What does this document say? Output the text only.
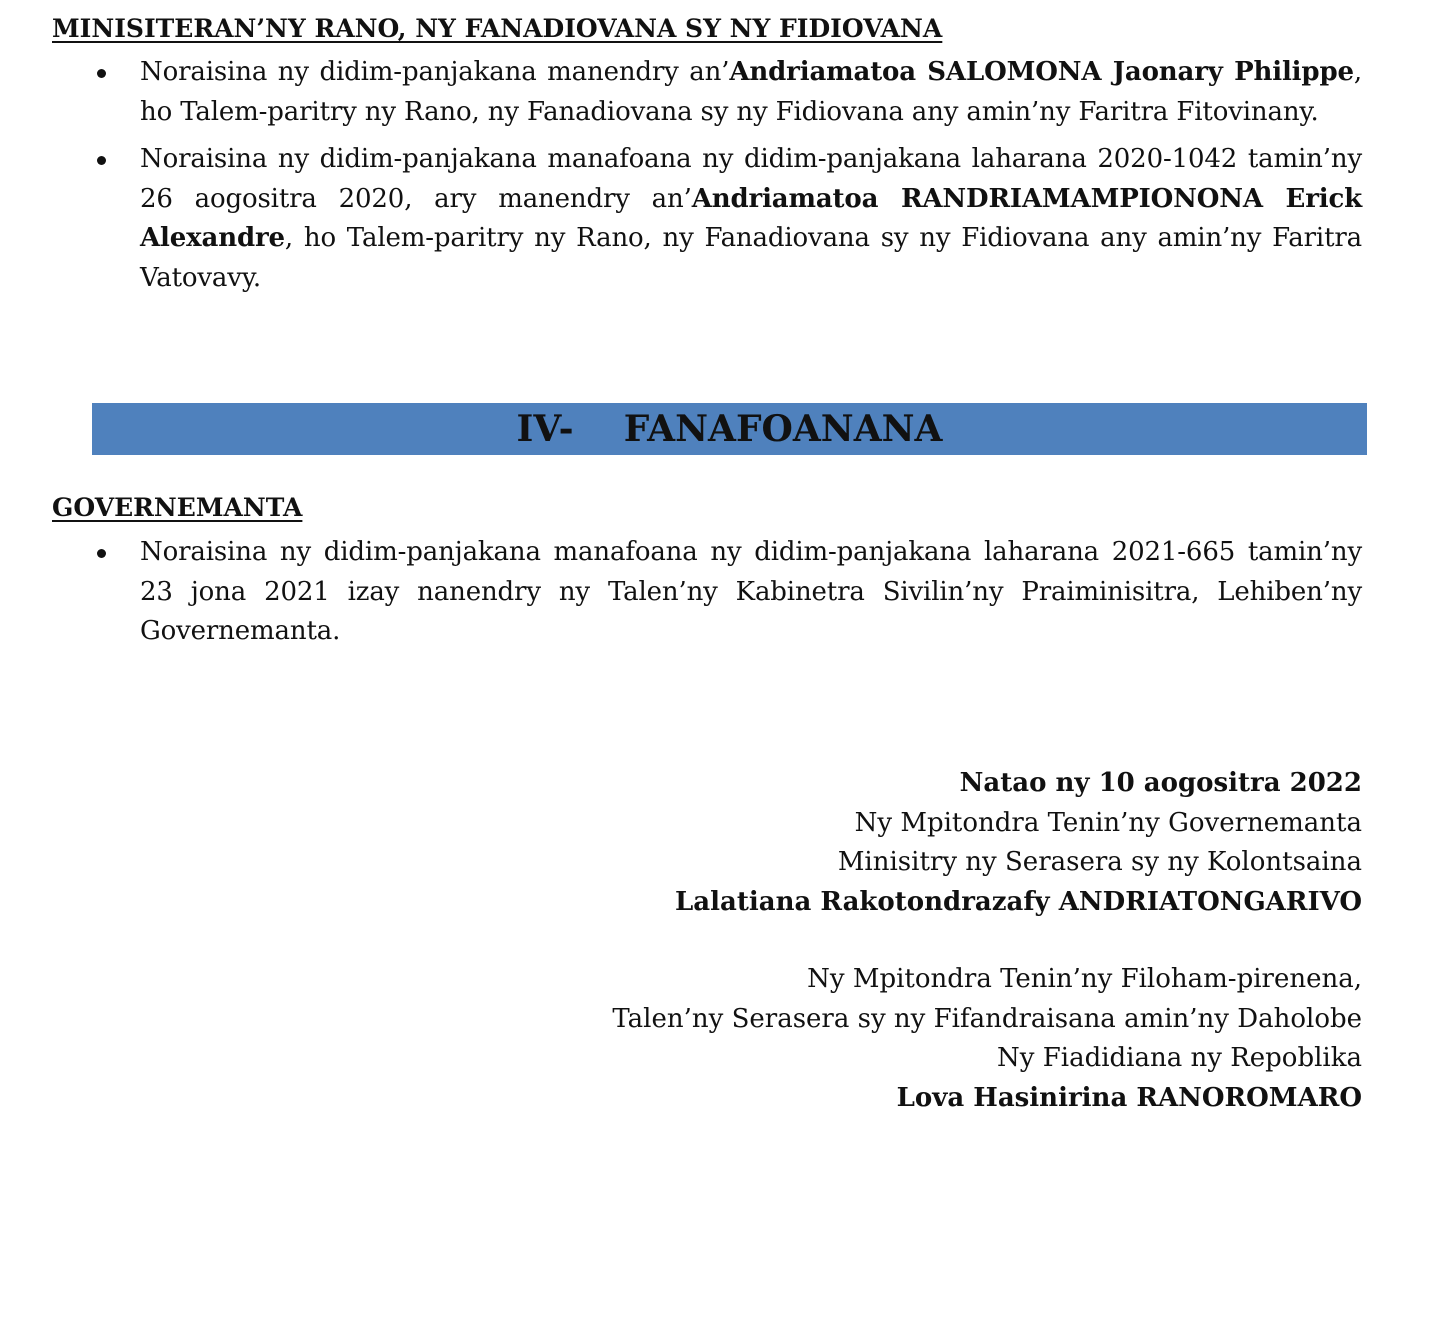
MINISITERAN’NY RANO, NY FANADIOVANA SY NY FIDIOVANA
Noraisina ny didim-panjakana manendry an’Andriamatoa SALOMONA Jaonary Philippe, ho Talem-paritry ny Rano, ny Fanadiovana sy ny Fidiovana any amin’ny Faritra Fitovinany.
Noraisina ny didim-panjakana manafoana ny didim-panjakana laharana 2020-1042 tamin’ny 26 aogositra 2020, ary manendry an’Andriamatoa RANDRIAMAMPIONONA Erick Alexandre, ho Talem-paritry ny Rano, ny Fanadiovana sy ny Fidiovana any amin’ny Faritra Vatovavy.
IV-    FANAFOANANA
GOVERNEMANTA
Noraisina ny didim-panjakana manafoana ny didim-panjakana laharana 2021-665 tamin’ny 23 jona 2021 izay nanendry ny Talen’ny Kabinetra Sivilin’ny Praiminisitra, Lehiben’ny Governemanta.
Natao ny 10 aogositra 2022
Ny Mpitondra Tenin’ny Governemanta
Minisitry ny Serasera sy ny Kolontsaina
Lalatiana Rakotondrazafy ANDRIATONGARIVO
Ny Mpitondra Tenin’ny Filoham-pirenena,
Talen’ny Serasera sy ny Fifandraisana amin’ny Daholobe
Ny Fiadidiana ny Repoblika
Lova Hasinirina RANOROMARO
